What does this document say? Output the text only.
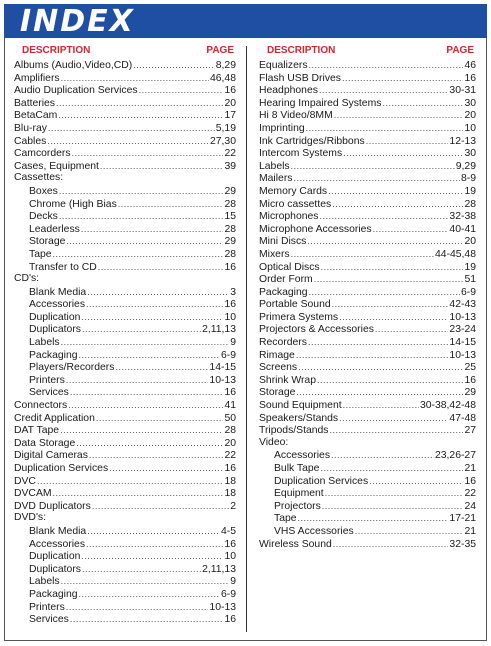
INDEX
DESCRIPTION	PAGE
Albums (Audio,Video,CD) .....	8,29
Amplifiers .....	46,48
Audio Duplication Services .....	16
Batteries .....	20
BetaCam .....	17
Blu-ray .....	5,19
Cables .....	27,30
Camcorders .....	22
Cases, Equipment .....	39
Cassettes:
Boxes .....	29
Chrome (High Bias .....	28
Decks .....	15
Leaderless .....	28
Storage .....	29
Tape .....	28
Transfer to CD .....	16
CD's:
Blank Media .....	3
Accessories .....	16
Duplication .....	10
Duplicators .....	2,11,13
Labels .....	9
Packaging .....	6-9
Players/Recorders .....	14-15
Printers .....	10-13
Services .....	16
Connectors .....	41
Credit Application .....	50
DAT Tape .....	28
Data Storage .....	20
Digital Cameras .....	22
Duplication Services .....	16
DVC .....	18
DVCAM .....	18
DVD Duplicators .....	2
DVD's:
Blank Media .....	4-5
Accessories .....	16
Duplication .....	10
Duplicators .....	2,11,13
Labels .....	9
Packaging .....	6-9
Printers .....	10-13
Services .....	16
DESCRIPTION	PAGE
Equalizers .....	46
Flash USB Drives .....	16
Headphones .....	30-31
Hearing Impaired Systems .....	30
Hi 8 Video/8MM .....	20
Imprinting .....	10
Ink Cartridges/Ribbons .....	12-13
Intercom Systems .....	30
Labels .....	9,29
Mailers .....	8-9
Memory Cards .....	19
Micro cassettes .....	28
Microphones .....	32-38
Microphone Accessories .....	40-41
Mini Discs .....	20
Mixers .....	44-45,48
Optical Discs .....	19
Order Form .....	51
Packaging .....	6-9
Portable Sound .....	42-43
Primera Systems .....	10-13
Projectors & Accessories .....	23-24
Recorders .....	14-15
Rimage .....	10-13
Screens .....	25
Shrink Wrap .....	16
Storage .....	29
Sound Equipment .....	30-38,42-48
Speakers/Stands .....	47-48
Tripods/Stands .....	27
Video:
Accessories .....	23,26-27
Bulk Tape .....	21
Duplication Services .....	16
Equipment .....	22
Projectors .....	24
Tape .....	17-21
VHS Accessories .....	21
Wireless Sound .....	32-35
